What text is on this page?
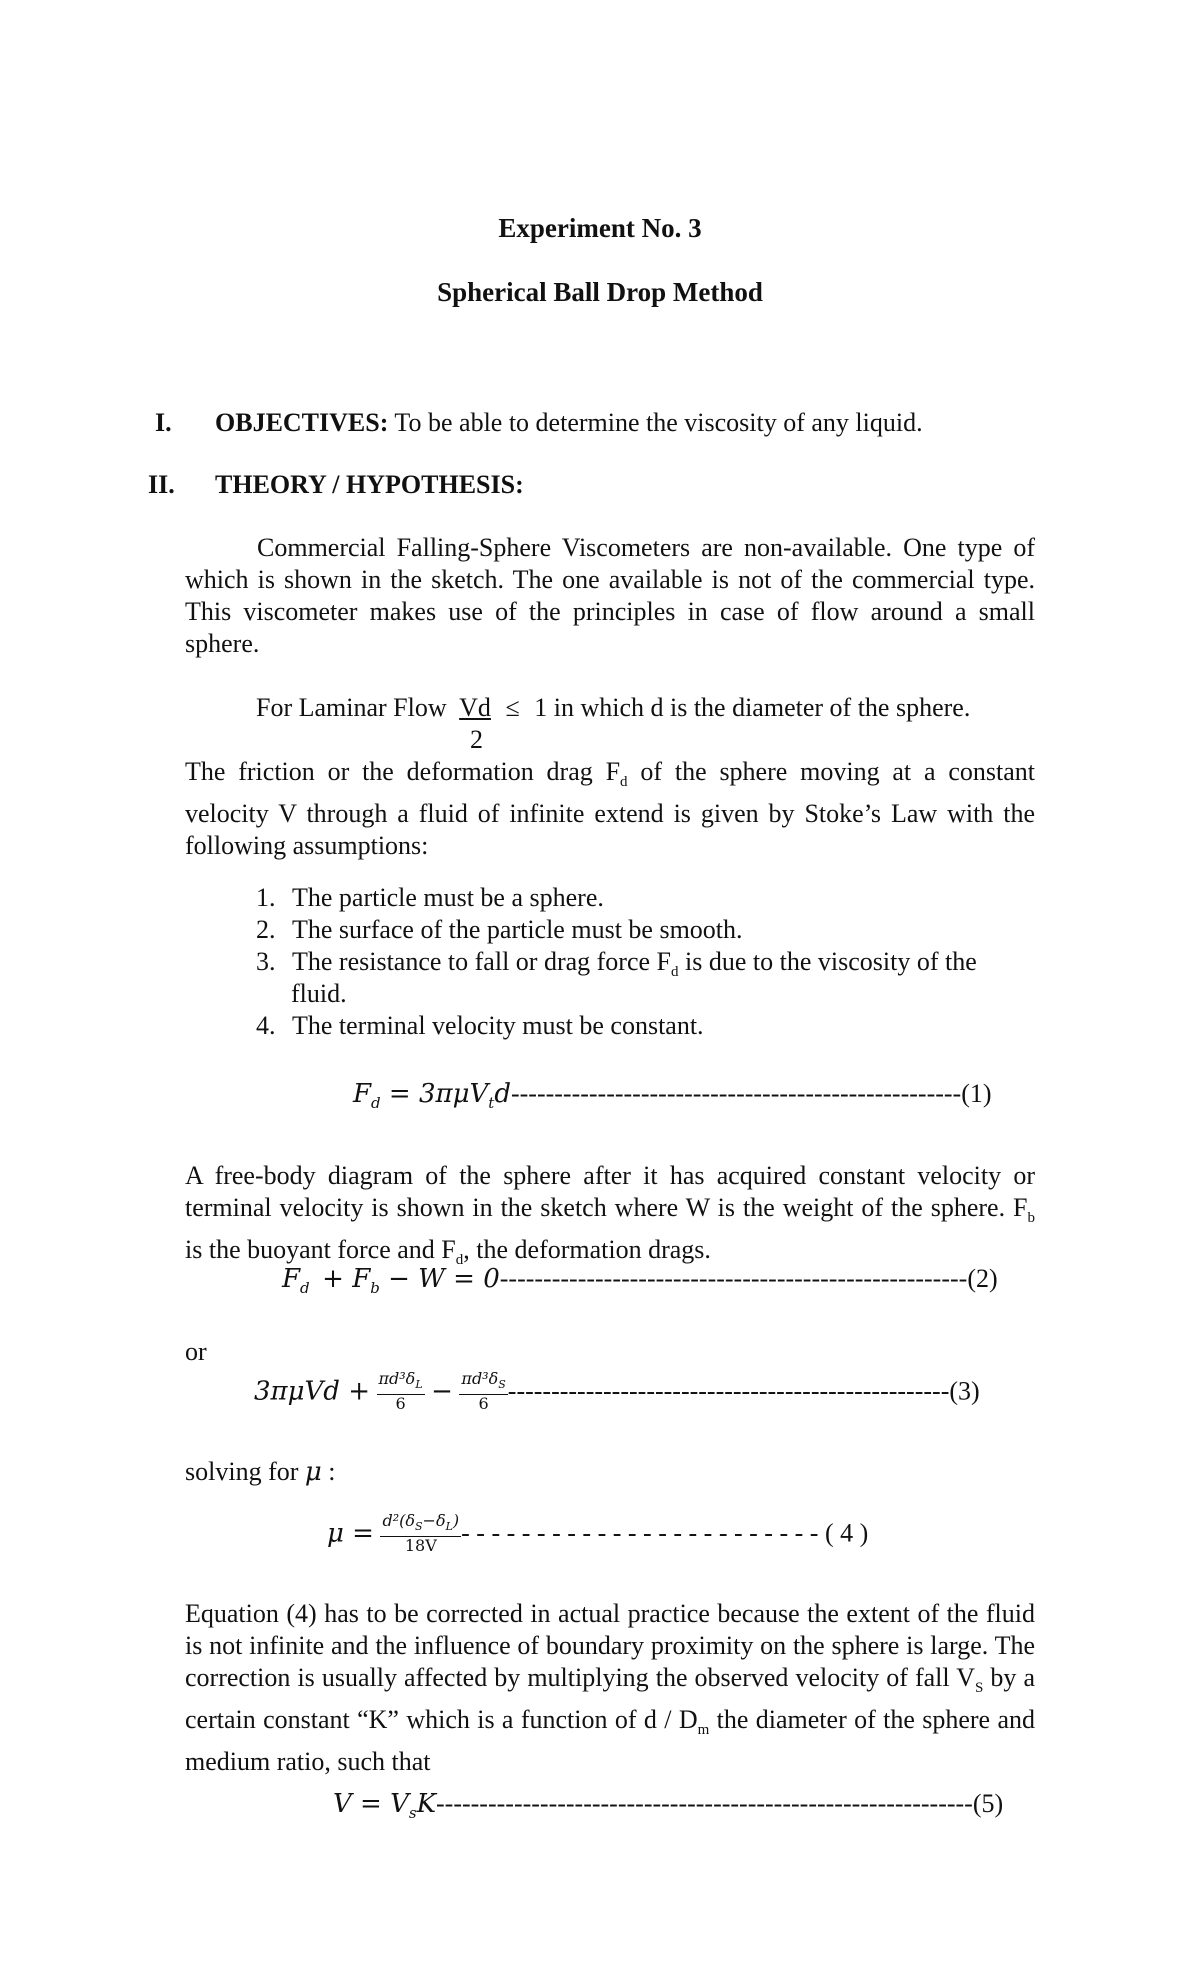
Experiment No. 3
Spherical Ball Drop Method
I. OBJECTIVES: To be able to determine the viscosity of any liquid.
II. THEORY / HYPOTHESIS:
Commercial Falling-Sphere Viscometers are non-available. One type of which is shown in the sketch. The one available is not of the commercial type. This viscometer makes use of the principles in case of flow around a small sphere.
For Laminar Flow Vd ≤ 1 in which d is the diameter of the sphere.
2
The friction or the deformation drag $F_d$ of the sphere moving at a constant velocity V through a fluid of infinite extend is given by Stoke’s Law with the following assumptions:
1. The particle must be a sphere.
2. The surface of the particle must be smooth.
3. The resistance to fall or drag force $F_d$ is due to the viscosity of the
fluid.
4. The terminal velocity must be constant.
$F_d = 3\pi\mu V_td----------------------------------------------------(1)$
A free-body diagram of the sphere after it has acquired constant velocity or terminal velocity is shown in the sketch where W is the weight of the sphere. $F_b$ is the buoyant force and $F_d$, the deformation drags.
$F_d + F_b - W = 0------------------------------------------------------(2)$
or
$3\pi\mu Vd + \frac{\pi d^3\delta_L}{6} - \frac{\pi d^3\delta_S}{6} ---------------------------------------------------(3)$
solving for μ :
$\mu = \frac{d^2(\delta_S-\delta_L)}{18V}$ - - - - - - - - - - - - - - - - - - - - - - - - ( 4 )
Equation (4) has to be corrected in actual practice because the extent of the fluid is not infinite and the influence of boundary proximity on the sphere is large. The correction is usually affected by multiplying the observed velocity of fall $V_S$ by a certain constant “K” which is a function of d / $D_m$ the diameter of the sphere and medium ratio, such that
$V = V_sK--------------------------------------------------------------(5)$
